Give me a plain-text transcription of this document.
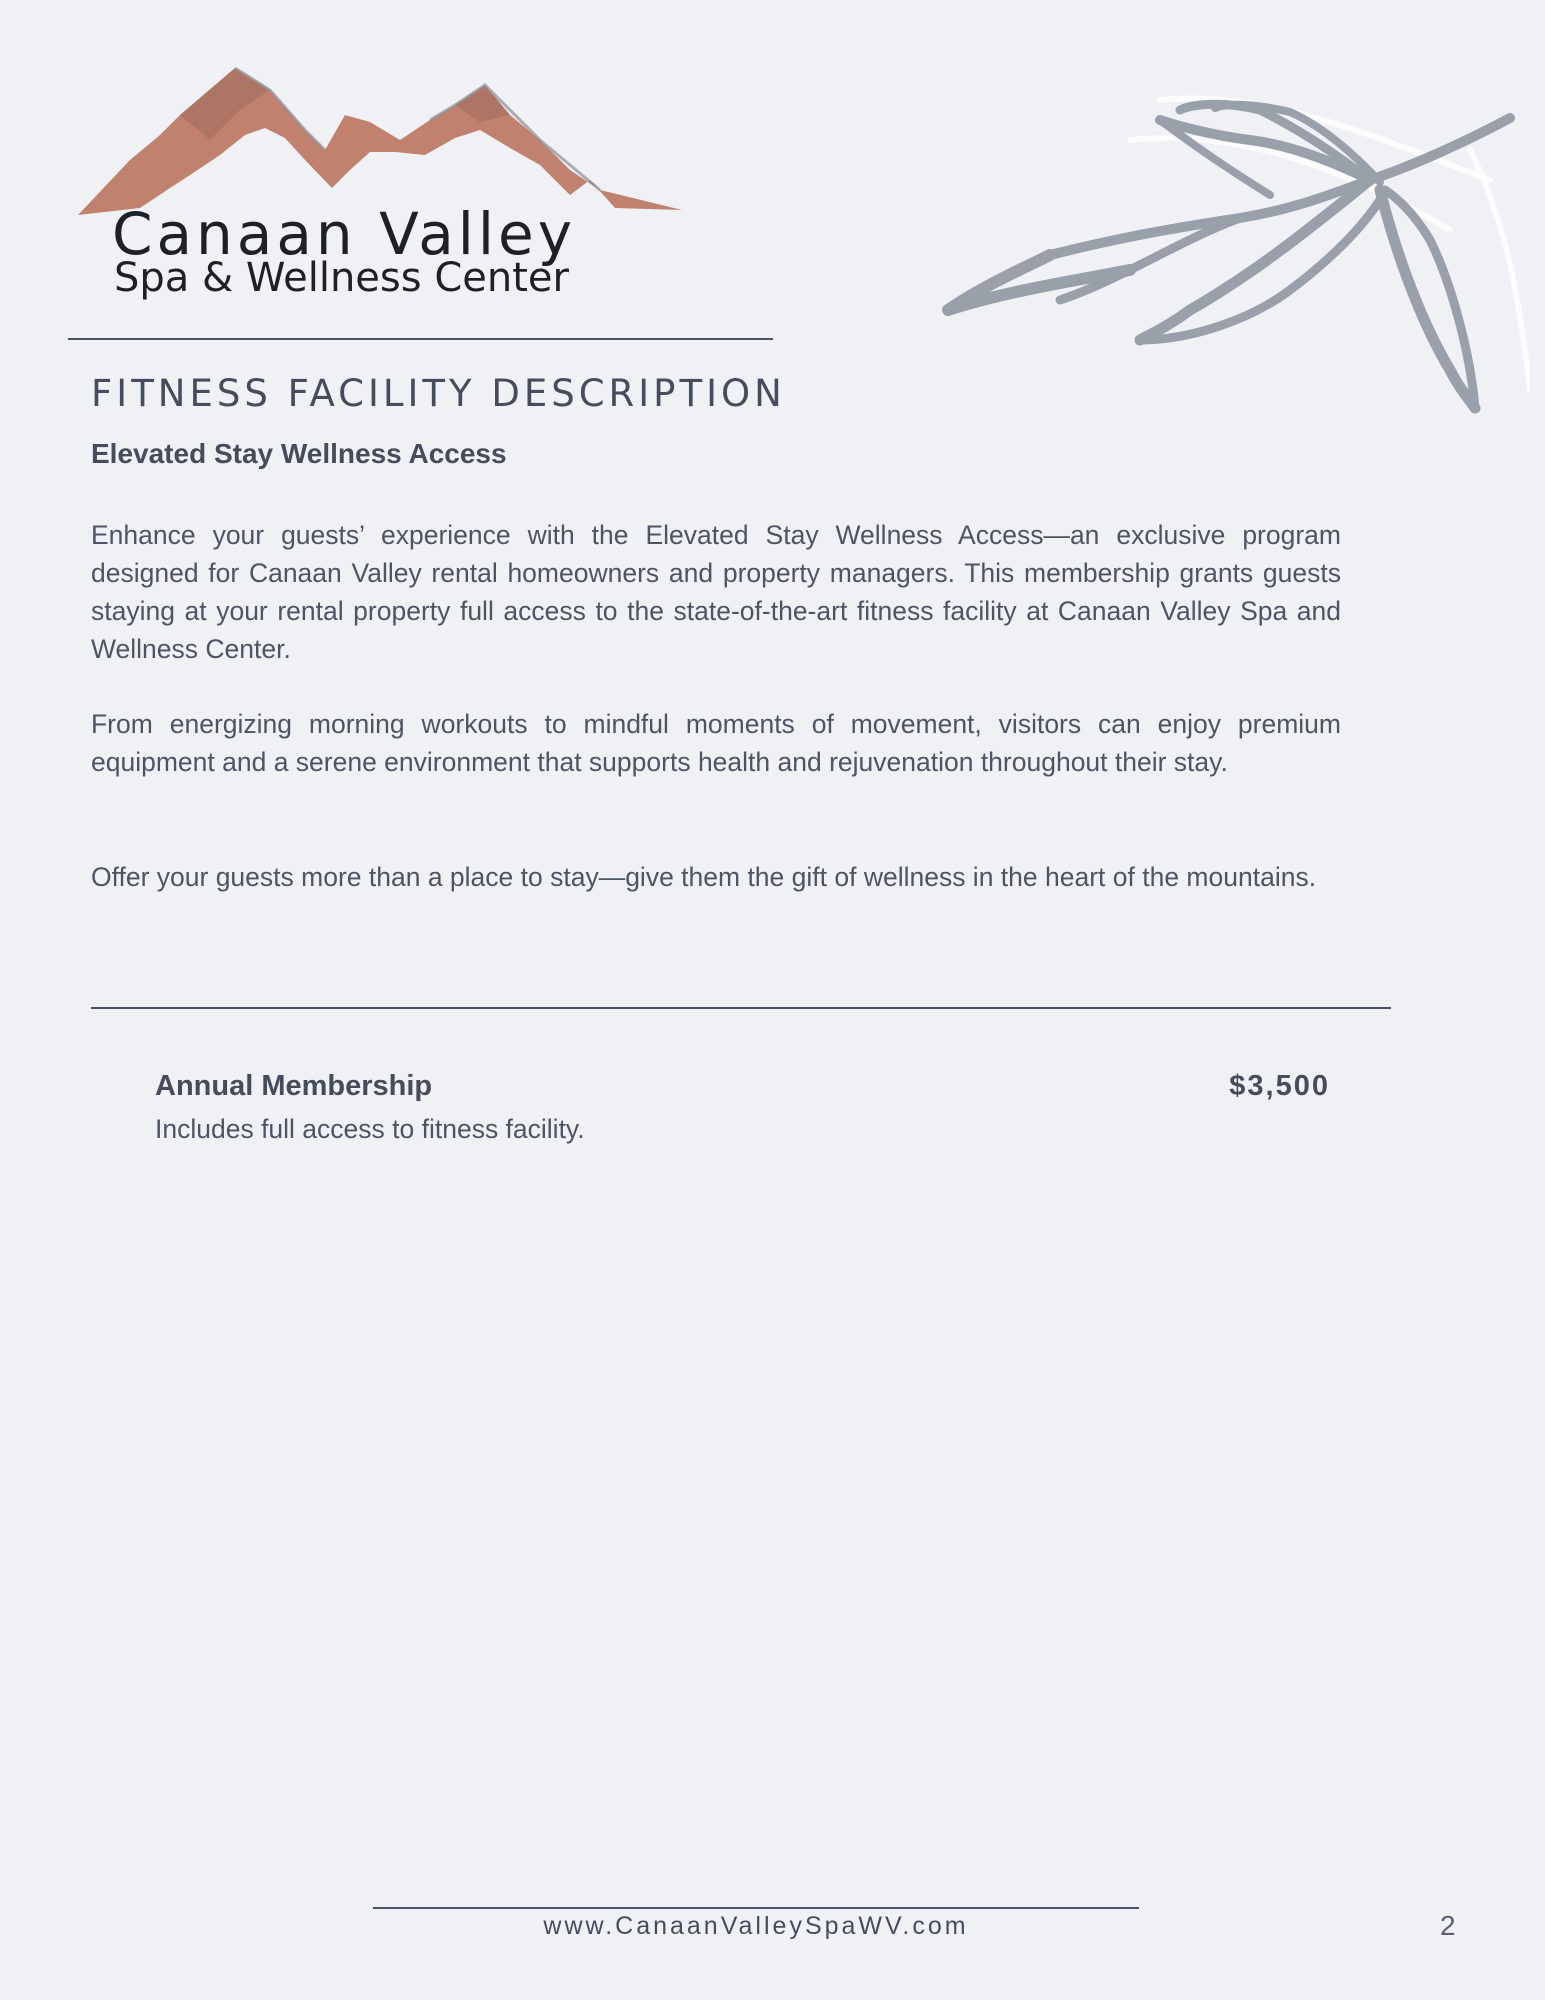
Canaan Valley
Spa & Wellness Center
FITNESS FACILITY DESCRIPTION
Elevated Stay Wellness Access

Enhance your guests’ experience with the Elevated Stay Wellness Access—an exclusive program designed for Canaan Valley rental homeowners and property managers. This membership grants guests staying at your rental property full access to the state-of-the-art fitness facility at Canaan Valley Spa and Wellness Center.

From energizing morning workouts to mindful moments of movement, visitors can enjoy premium equipment and a serene environment that supports health and rejuvenation throughout their stay.

Offer your guests more than a place to stay—give them the gift of wellness in the heart of the mountains.

Annual Membership	$3,500
Includes full access to fitness facility.
www.CanaanValleySpaWV.com	2
